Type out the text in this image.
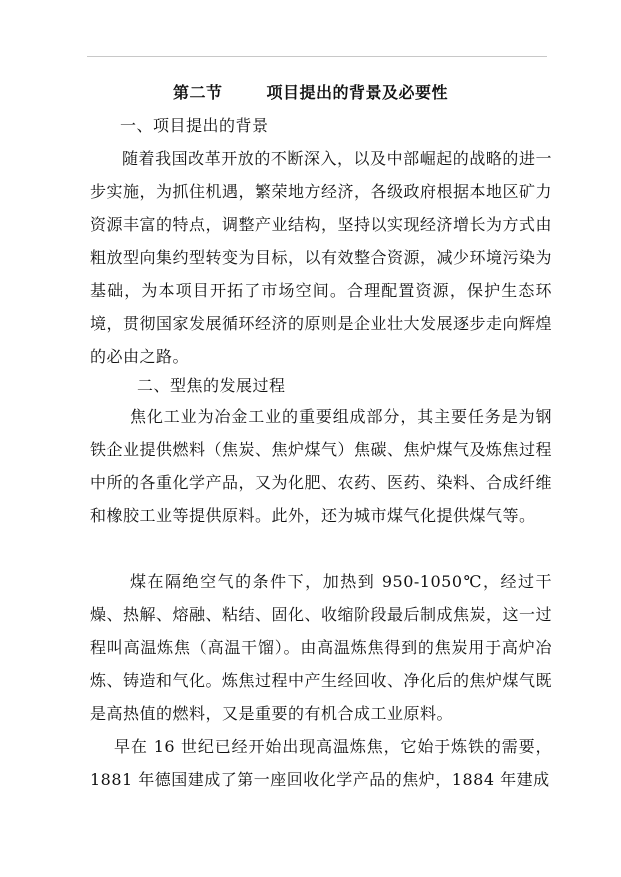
第二节	项目提出的背景及必要性
一、项目提出的背景

随着我国改革开放的不断深入，以及中部崛起的战略的进一步实施，为抓住机遇，繁荣地方经济，各级政府根据本地区矿力资源丰富的特点，调整产业结构，坚持以实现经济增长为方式由粗放型向集约型转变为目标，以有效整合资源，减少环境污染为基础，为本项目开拓了市场空间。合理配置资源，保护生态环境，贯彻国家发展循环经济的原则是企业壮大发展逐步走向辉煌的必由之路。

二、型焦的发展过程

焦化工业为冶金工业的重要组成部分，其主要任务是为钢铁企业提供燃料（焦炭、焦炉煤气）焦碳、焦炉煤气及炼焦过程中所的各重化学产品，又为化肥、农药、医药、染料、合成纤维和橡胶工业等提供原料。此外，还为城市煤气化提供煤气等。

煤在隔绝空气的条件下，加热到 950-1050℃，经过干燥、热解、熔融、粘结、固化、收缩阶段最后制成焦炭，这一过程叫高温炼焦（高温干馏）。由高温炼焦得到的焦炭用于高炉冶炼、铸造和气化。炼焦过程中产生经回收、净化后的焦炉煤气既是高热值的燃料，又是重要的有机合成工业原料。

早在 16 世纪已经开始出现高温炼焦，它始于炼铁的需要，1881 年德国建成了第一座回收化学产品的焦炉，1884 年建成
